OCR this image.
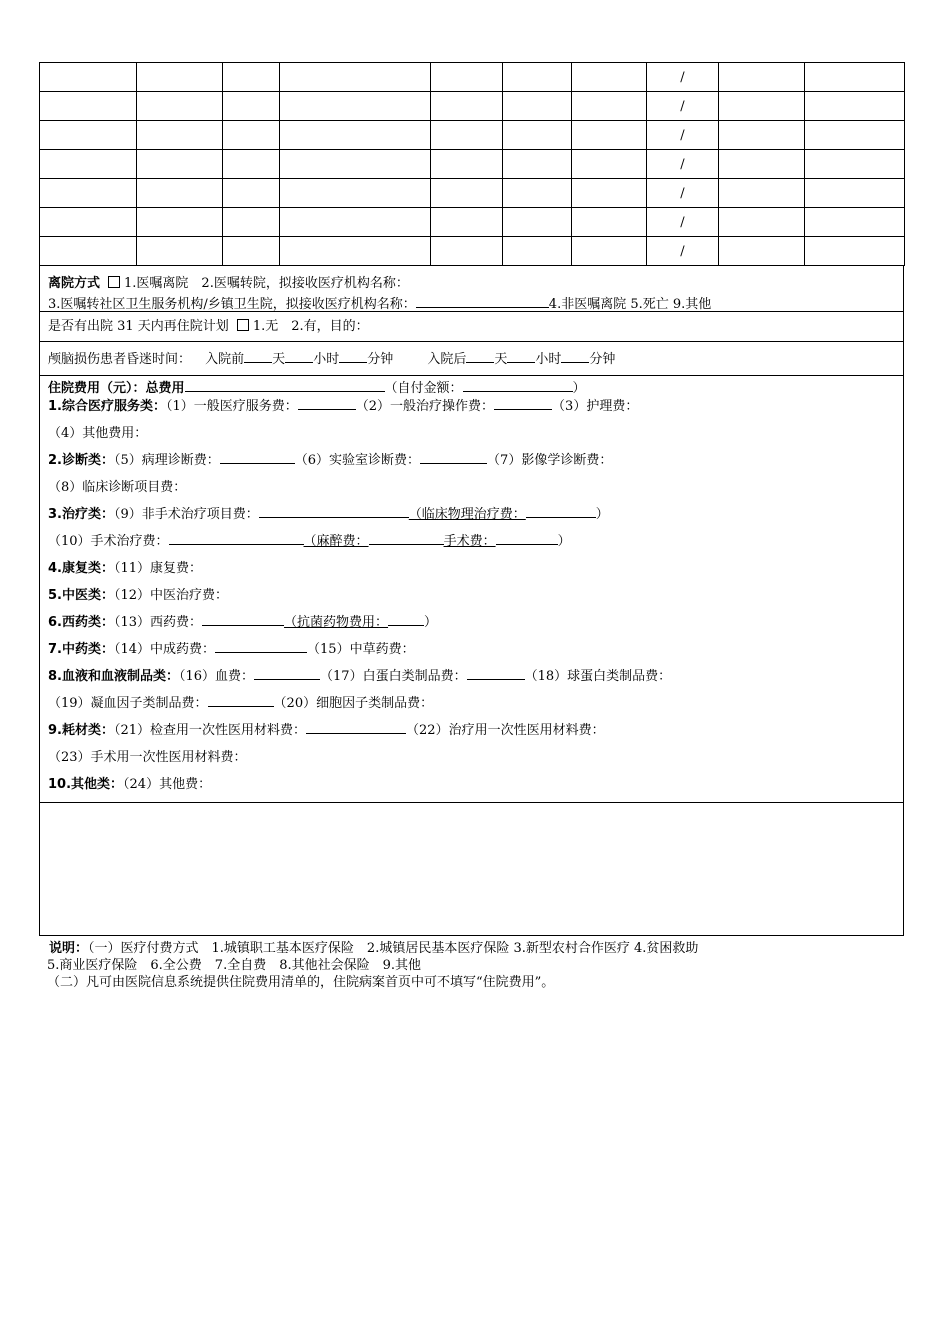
							/		
							/		
							/		
							/		
							/		
							/		
							/		
离院方式 1.医嘱离院　2.医嘱转院，拟接收医疗机构名称：
3.医嘱转社区卫生服务机构/乡镇卫生院，拟接收医疗机构名称：	4.非医嘱离院 5.死亡 9.其他
是否有出院 31 天内再住院计划 1.无　2.有，目的：
颅脑损伤患者昏迷时间： 入院前 天 小时 分钟	入院后 天 小时 分钟
住院费用（元）：总费用	（自付金额：	）
1.综合医疗服务类：（1）一般医疗服务费：	（2）一般治疗操作费：	（3）护理费：
（4）其他费用：
2.诊断类：（5）病理诊断费：	（6）实验室诊断费：	（7）影像学诊断费：
（8）临床诊断项目费：
3.治疗类：（9）非手术治疗项目费：	（临床物理治疗费：	）
（10）手术治疗费：	（麻醉费：	手术费：	）
4.康复类：（11）康复费：
5.中医类：（12）中医治疗费：
6.西药类：（13）西药费：	（抗菌药物费用：	）
7.中药类：（14）中成药费：	（15）中草药费：
8.血液和血液制品类：（16）血费：	（17）白蛋白类制品费：	（18）球蛋白类制品费：
（19）凝血因子类制品费：	（20）细胞因子类制品费：
9.耗材类：（21）检查用一次性医用材料费：	（22）治疗用一次性医用材料费：
（23）手术用一次性医用材料费：
10.其他类：（24）其他费：
说明：（一）医疗付费方式　1.城镇职工基本医疗保险　2.城镇居民基本医疗保险 3.新型农村合作医疗 4.贫困救助
5.商业医疗保险　6.全公费　7.全自费　8.其他社会保险　9.其他
（二）凡可由医院信息系统提供住院费用清单的，住院病案首页中可不填写“住院费用”。
